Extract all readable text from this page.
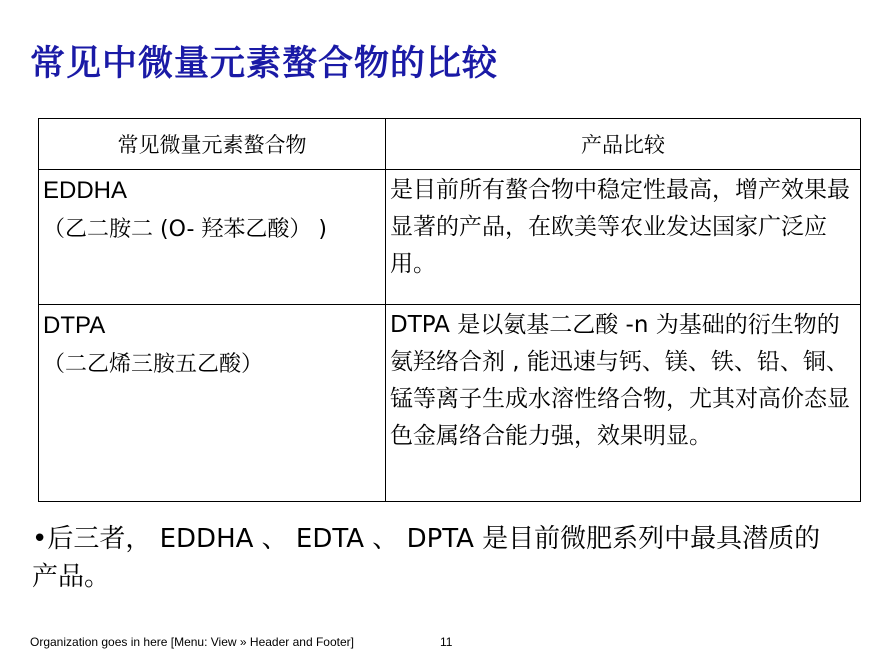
常见中微量元素螯合物的比较
常见微量元素螯合物	产品比较

EDDHA
（乙二胺二 (O- 羟苯乙酸） )	是目前所有螯合物中稳定性最高，增产效果最显著的产品，在欧美等农业发达国家广泛应用。

DTPA
（二乙烯三胺五乙酸）	DTPA 是以氨基二乙酸 -n 为基础的衍生物的氨羟络合剂 , 能迅速与钙、镁、铁、铅、铜、锰等离子生成水溶性络合物，尤其对高价态显色金属络合能力强，效果明显。

•后三者， EDDHA 、 EDTA 、 DPTA 是目前微肥系列中最具潜质的产品。

Organization goes in here [Menu: View » Header and Footer]	11
